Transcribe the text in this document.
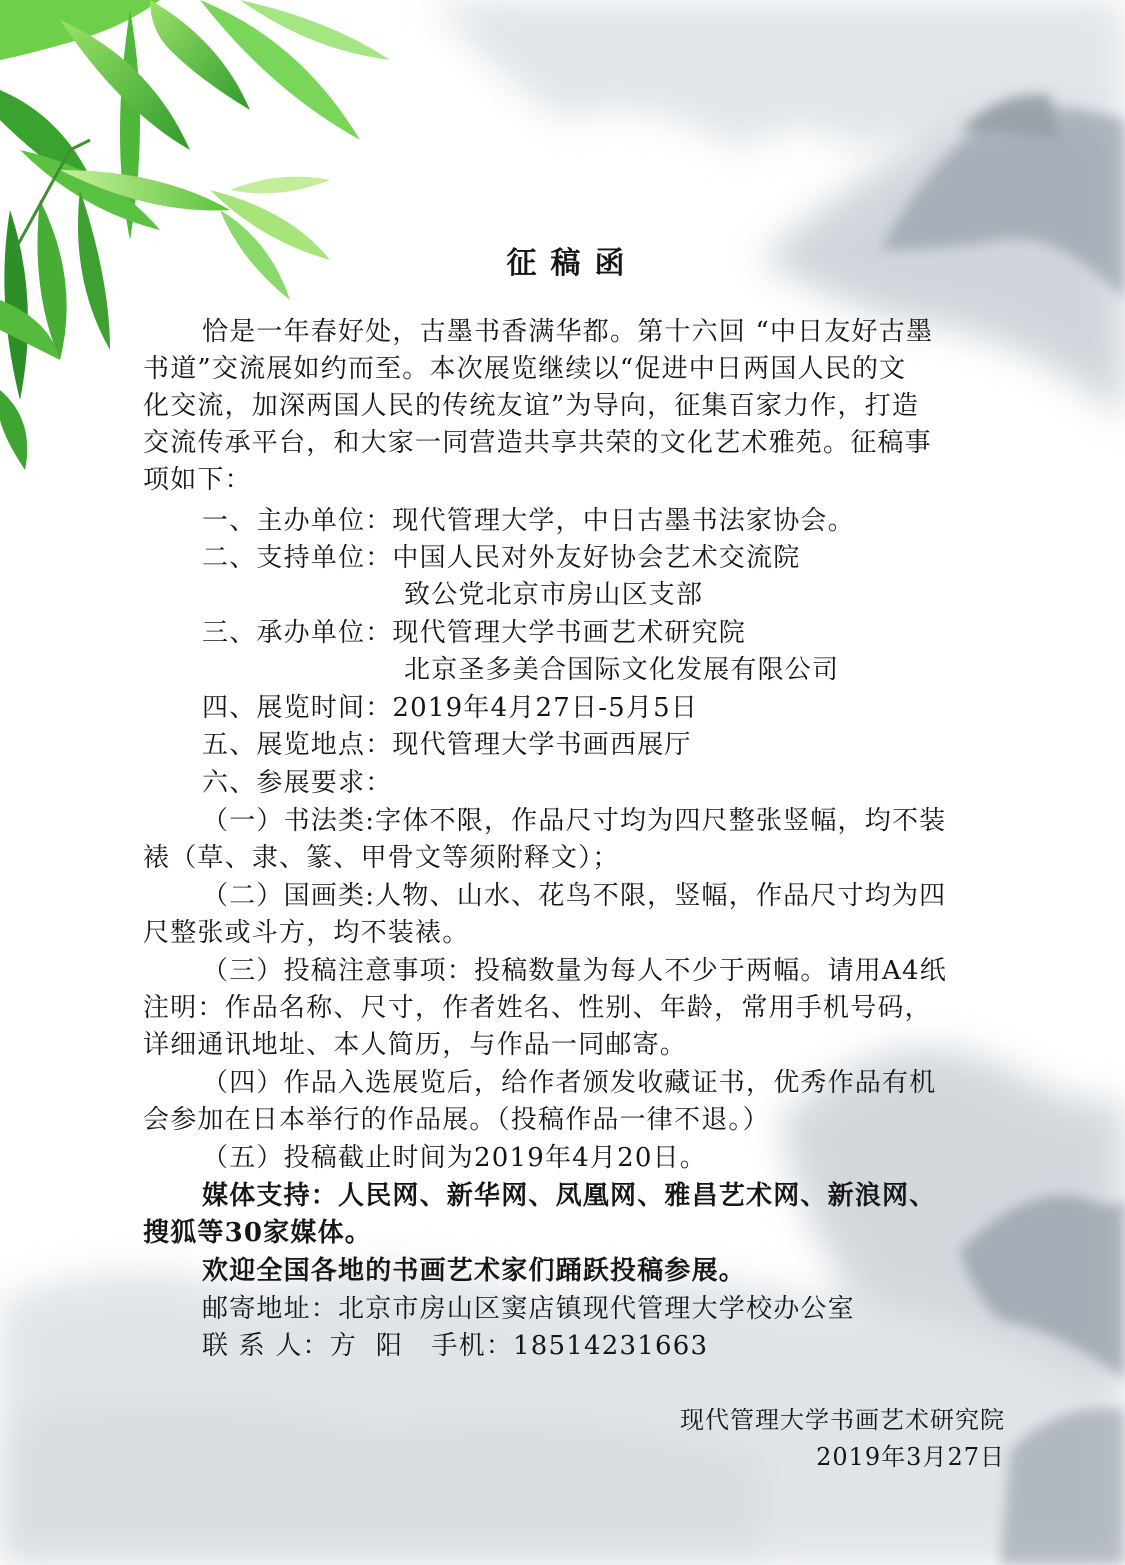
征稿函
恰是一年春好处，古墨书香满华都。第十六回 “中日友好古墨
书道”交流展如约而至。本次展览继续以“促进中日两国人民的文
化交流，加深两国人民的传统友谊”为导向，征集百家力作，打造
交流传承平台，和大家一同营造共享共荣的文化艺术雅苑。征稿事
项如下：
一、主办单位：现代管理大学，中日古墨书法家协会。
二、支持单位：中国人民对外友好协会艺术交流院
致公党北京市房山区支部
三、承办单位：现代管理大学书画艺术研究院
北京圣多美合国际文化发展有限公司
四、展览时间：2019年4月27日-5月5日
五、展览地点：现代管理大学书画西展厅
六、参展要求：
（一）书法类:字体不限，作品尺寸均为四尺整张竖幅，均不装
裱（草、隶、篆、甲骨文等须附释文）；
（二）国画类:人物、山水、花鸟不限，竖幅，作品尺寸均为四
尺整张或斗方，均不装裱。
（三）投稿注意事项：投稿数量为每人不少于两幅。请用A4纸
注明：作品名称、尺寸，作者姓名、性别、年龄，常用手机号码，
详细通讯地址、本人简历，与作品一同邮寄。
（四）作品入选展览后，给作者颁发收藏证书，优秀作品有机
会参加在日本举行的作品展。（投稿作品一律不退。）
（五）投稿截止时间为2019年4月20日。
媒体支持：人民网、新华网、凤凰网、雅昌艺术网、新浪网、
搜狐等30家媒体。
欢迎全国各地的书画艺术家们踊跃投稿参展。
邮寄地址：北京市房山区窦店镇现代管理大学校办公室
联 系 人：方  阳   手机：18514231663
现代管理大学书画艺术研究院
2019年3月27日
